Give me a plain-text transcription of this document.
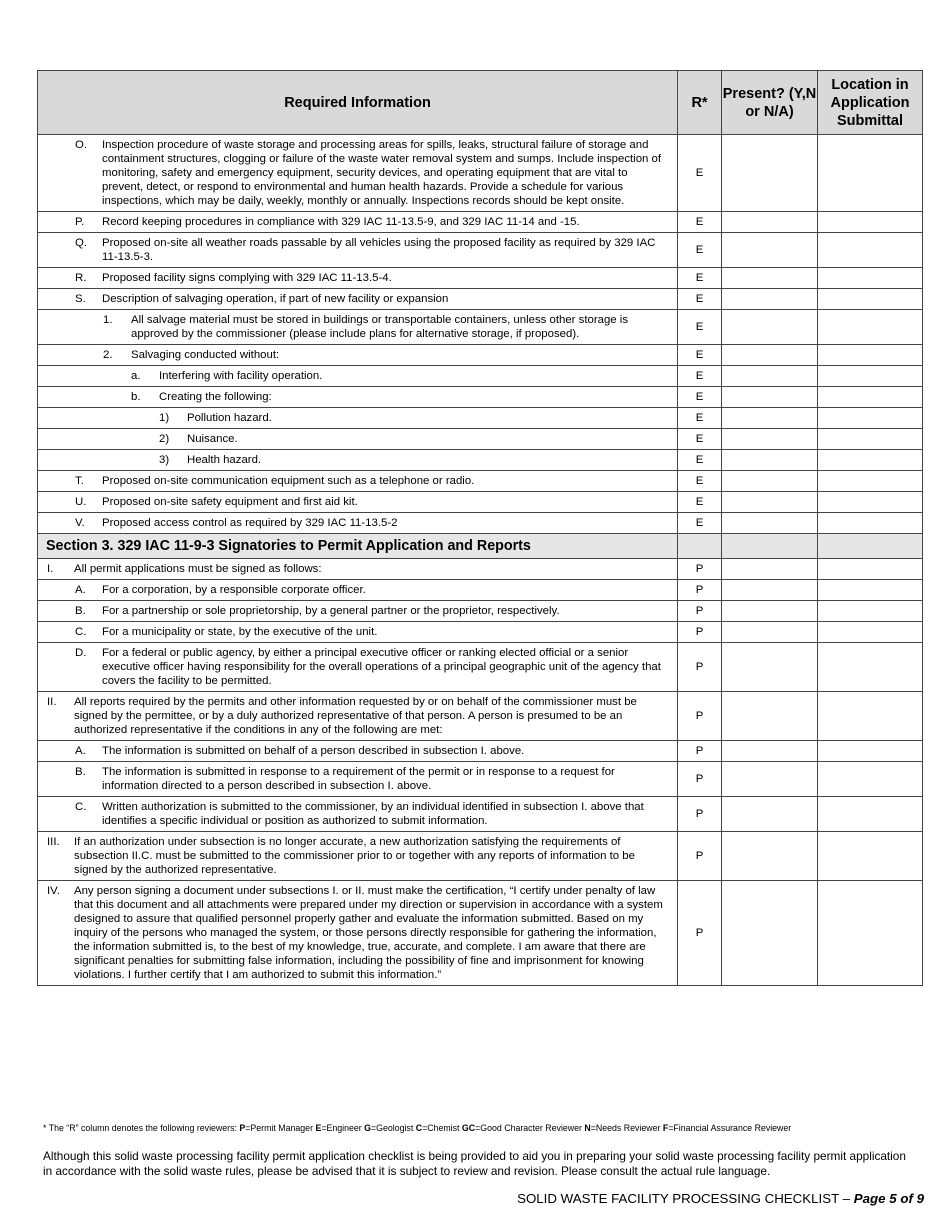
Required Information	R*	Present? (Y,N or N/A)	Location in Application Submittal

O. Inspection procedure of waste storage and processing areas for spills, leaks, structural failure of storage and containment structures, clogging or failure of the waste water removal system and sumps. Include inspection of monitoring, safety and emergency equipment, security devices, and operating equipment that are vital to prevent, detect, or respond to environmental and human health hazards. Provide a schedule for various inspections, which may be daily, weekly, monthly or annually. Inspections records should be kept onsite.	E		

P. Record keeping procedures in compliance with 329 IAC 11-13.5-9, and 329 IAC 11-14 and -15.	E		

Q. Proposed on-site all weather roads passable by all vehicles using the proposed facility as required by 329 IAC 11-13.5-3.	E		

R. Proposed facility signs complying with 329 IAC 11-13.5-4.	E		

S. Description of salvaging operation, if part of new facility or expansion	E		

1. All salvage material must be stored in buildings or transportable containers, unless other storage is approved by the commissioner (please include plans for alternative storage, if proposed).	E		

2. Salvaging conducted without:	E		

a. Interfering with facility operation.	E		

b. Creating the following:	E		

1) Pollution hazard.	E		

2) Nuisance.	E		

3) Health hazard.	E		

T. Proposed on-site communication equipment such as a telephone or radio.	E		

U. Proposed on-site safety equipment and first aid kit.	E		

V. Proposed access control as required by 329 IAC 11-13.5-2	E		
Section 3. 329 IAC 11-9-3 Signatories to Permit Application and Reports			

I. All permit applications must be signed as follows:	P		

A. For a corporation, by a responsible corporate officer.	P		

B. For a partnership or sole proprietorship, by a general partner or the proprietor, respectively.	P		

C. For a municipality or state, by the executive of the unit.	P		

D. For a federal or public agency, by either a principal executive officer or ranking elected official or a senior executive officer having responsibility for the overall operations of a principal geographic unit of the agency that covers the facility to be permitted.	P		

II. All reports required by the permits and other information requested by or on behalf of the commissioner must be signed by the permittee, or by a duly authorized representative of that person. A person is presumed to be an authorized representative if the conditions in any of the following are met:	P		

A. The information is submitted on behalf of a person described in subsection I. above.	P		

B. The information is submitted in response to a requirement of the permit or in response to a request for information directed to a person described in subsection I. above.	P		

C. Written authorization is submitted to the commissioner, by an individual identified in subsection I. above that identifies a specific individual or position as authorized to submit information.	P		

III. If an authorization under subsection is no longer accurate, a new authorization satisfying the requirements of subsection II.C. must be submitted to the commissioner prior to or together with any reports of information to be signed by the authorized representative.	P		

IV. Any person signing a document under subsections I. or II. must make the certification, “I certify under penalty of law that this document and all attachments were prepared under my direction or supervision in accordance with a system designed to assure that qualified personnel properly gather and evaluate the information submitted. Based on my inquiry of the persons who managed the system, or those persons directly responsible for gathering the information, the information submitted is, to the best of my knowledge, true, accurate, and complete. I am aware that there are significant penalties for submitting false information, including the possibility of fine and imprisonment for knowing violations. I further certify that I am authorized to submit this information.”	P		
* The “R” column denotes the following reviewers: P=Permit Manager E=Engineer G=Geologist C=Chemist GC=Good Character Reviewer N=Needs Reviewer F=Financial Assurance Reviewer

Although this solid waste processing facility permit application checklist is being provided to aid you in preparing your solid waste processing facility permit application in accordance with the solid waste rules, please be advised that it is subject to review and revision. Please consult the actual rule language.

SOLID WASTE FACILITY PROCESSING CHECKLIST – Page 5 of 9
